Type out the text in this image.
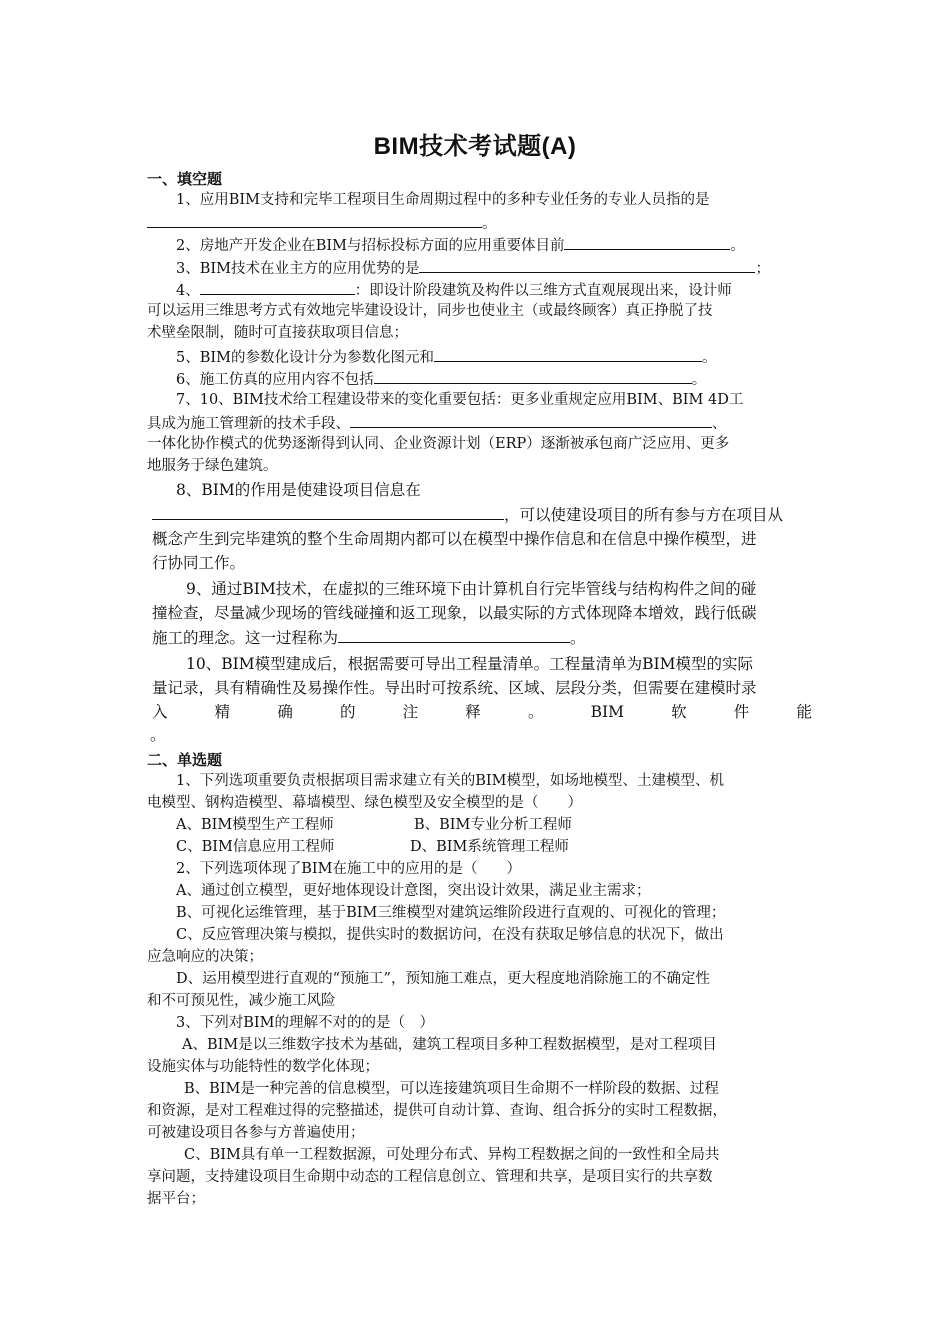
BIM技术考试题(A)
一、填空题
1、应用BIM支持和完毕工程项目生命周期过程中的多种专业任务的专业人员指的是
。
2、房地产开发企业在BIM与招标投标方面的应用重要体目前	。
3、BIM技术在业主方的应用优势的是	；
4、	：即设计阶段建筑及构件以三维方式直观展现出来，设计师
可以运用三维思考方式有效地完毕建设设计，同步也使业主（或最终顾客）真正挣脱了技
术壁垒限制，随时可直接获取项目信息；
5、BIM的参数化设计分为参数化图元和	。
6、施工仿真的应用内容不包括	。
7、10、BIM技术给工程建设带来的变化重要包括：更多业重规定应用BIM、BIM 4D工
具成为施工管理新的技术手段、	、
一体化协作模式的优势逐渐得到认同、企业资源计划（ERP）逐渐被承包商广泛应用、更多
地服务于绿色建筑。
8、BIM的作用是使建设项目信息在
，可以使建设项目的所有参与方在项目从
概念产生到完毕建筑的整个生命周期内都可以在模型中操作信息和在信息中操作模型，进
行协同工作。
9、通过BIM技术，在虚拟的三维环境下由计算机自行完毕管线与结构构件之间的碰
撞检查，尽量减少现场的管线碰撞和返工现象，以最实际的方式体现降本增效，践行低碳
施工的理念。这一过程称为	。
10、BIM模型建成后，根据需要可导出工程量清单。工程量清单为BIM模型的实际
量记录，具有精确性及易操作性。导出时可按系统、区域、层段分类，但需要在建模时录
入	精	确	的	注	释	。	BIM	软	件	能
。
二、单选题
1、下列选项重要负责根据项目需求建立有关的BIM模型，如场地模型、土建模型、机
电模型、钢构造模型、幕墙模型、绿色模型及安全模型的是（　　）
A、BIM模型生产工程师	B、BIM专业分析工程师
C、BIM信息应用工程师	D、BIM系统管理工程师
2、下列选项体现了BIM在施工中的应用的是（　　）
A、通过创立模型，更好地体现设计意图，突出设计效果，满足业主需求；
B、可视化运维管理，基于BIM三维模型对建筑运维阶段进行直观的、可视化的管理；
C、反应管理决策与模拟，提供实时的数据访问，在没有获取足够信息的状况下，做出
应急响应的决策；
D、运用模型进行直观的“预施工”，预知施工难点，更大程度地消除施工的不确定性
和不可预见性，减少施工风险
3、下列对BIM的理解不对的的是（　）
A、BIM是以三维数字技术为基础，建筑工程项目多种工程数据模型，是对工程项目
设施实体与功能特性的数学化体现；
B、BIM是一种完善的信息模型，可以连接建筑项目生命期不一样阶段的数据、过程
和资源，是对工程难过得的完整描述，提供可自动计算、查询、组合拆分的实时工程数据，
可被建设项目各参与方普遍使用；
C、BIM具有单一工程数据源，可处理分布式、异构工程数据之间的一致性和全局共
享问题，支持建设项目生命期中动态的工程信息创立、管理和共享，是项目实行的共享数
据平台；
